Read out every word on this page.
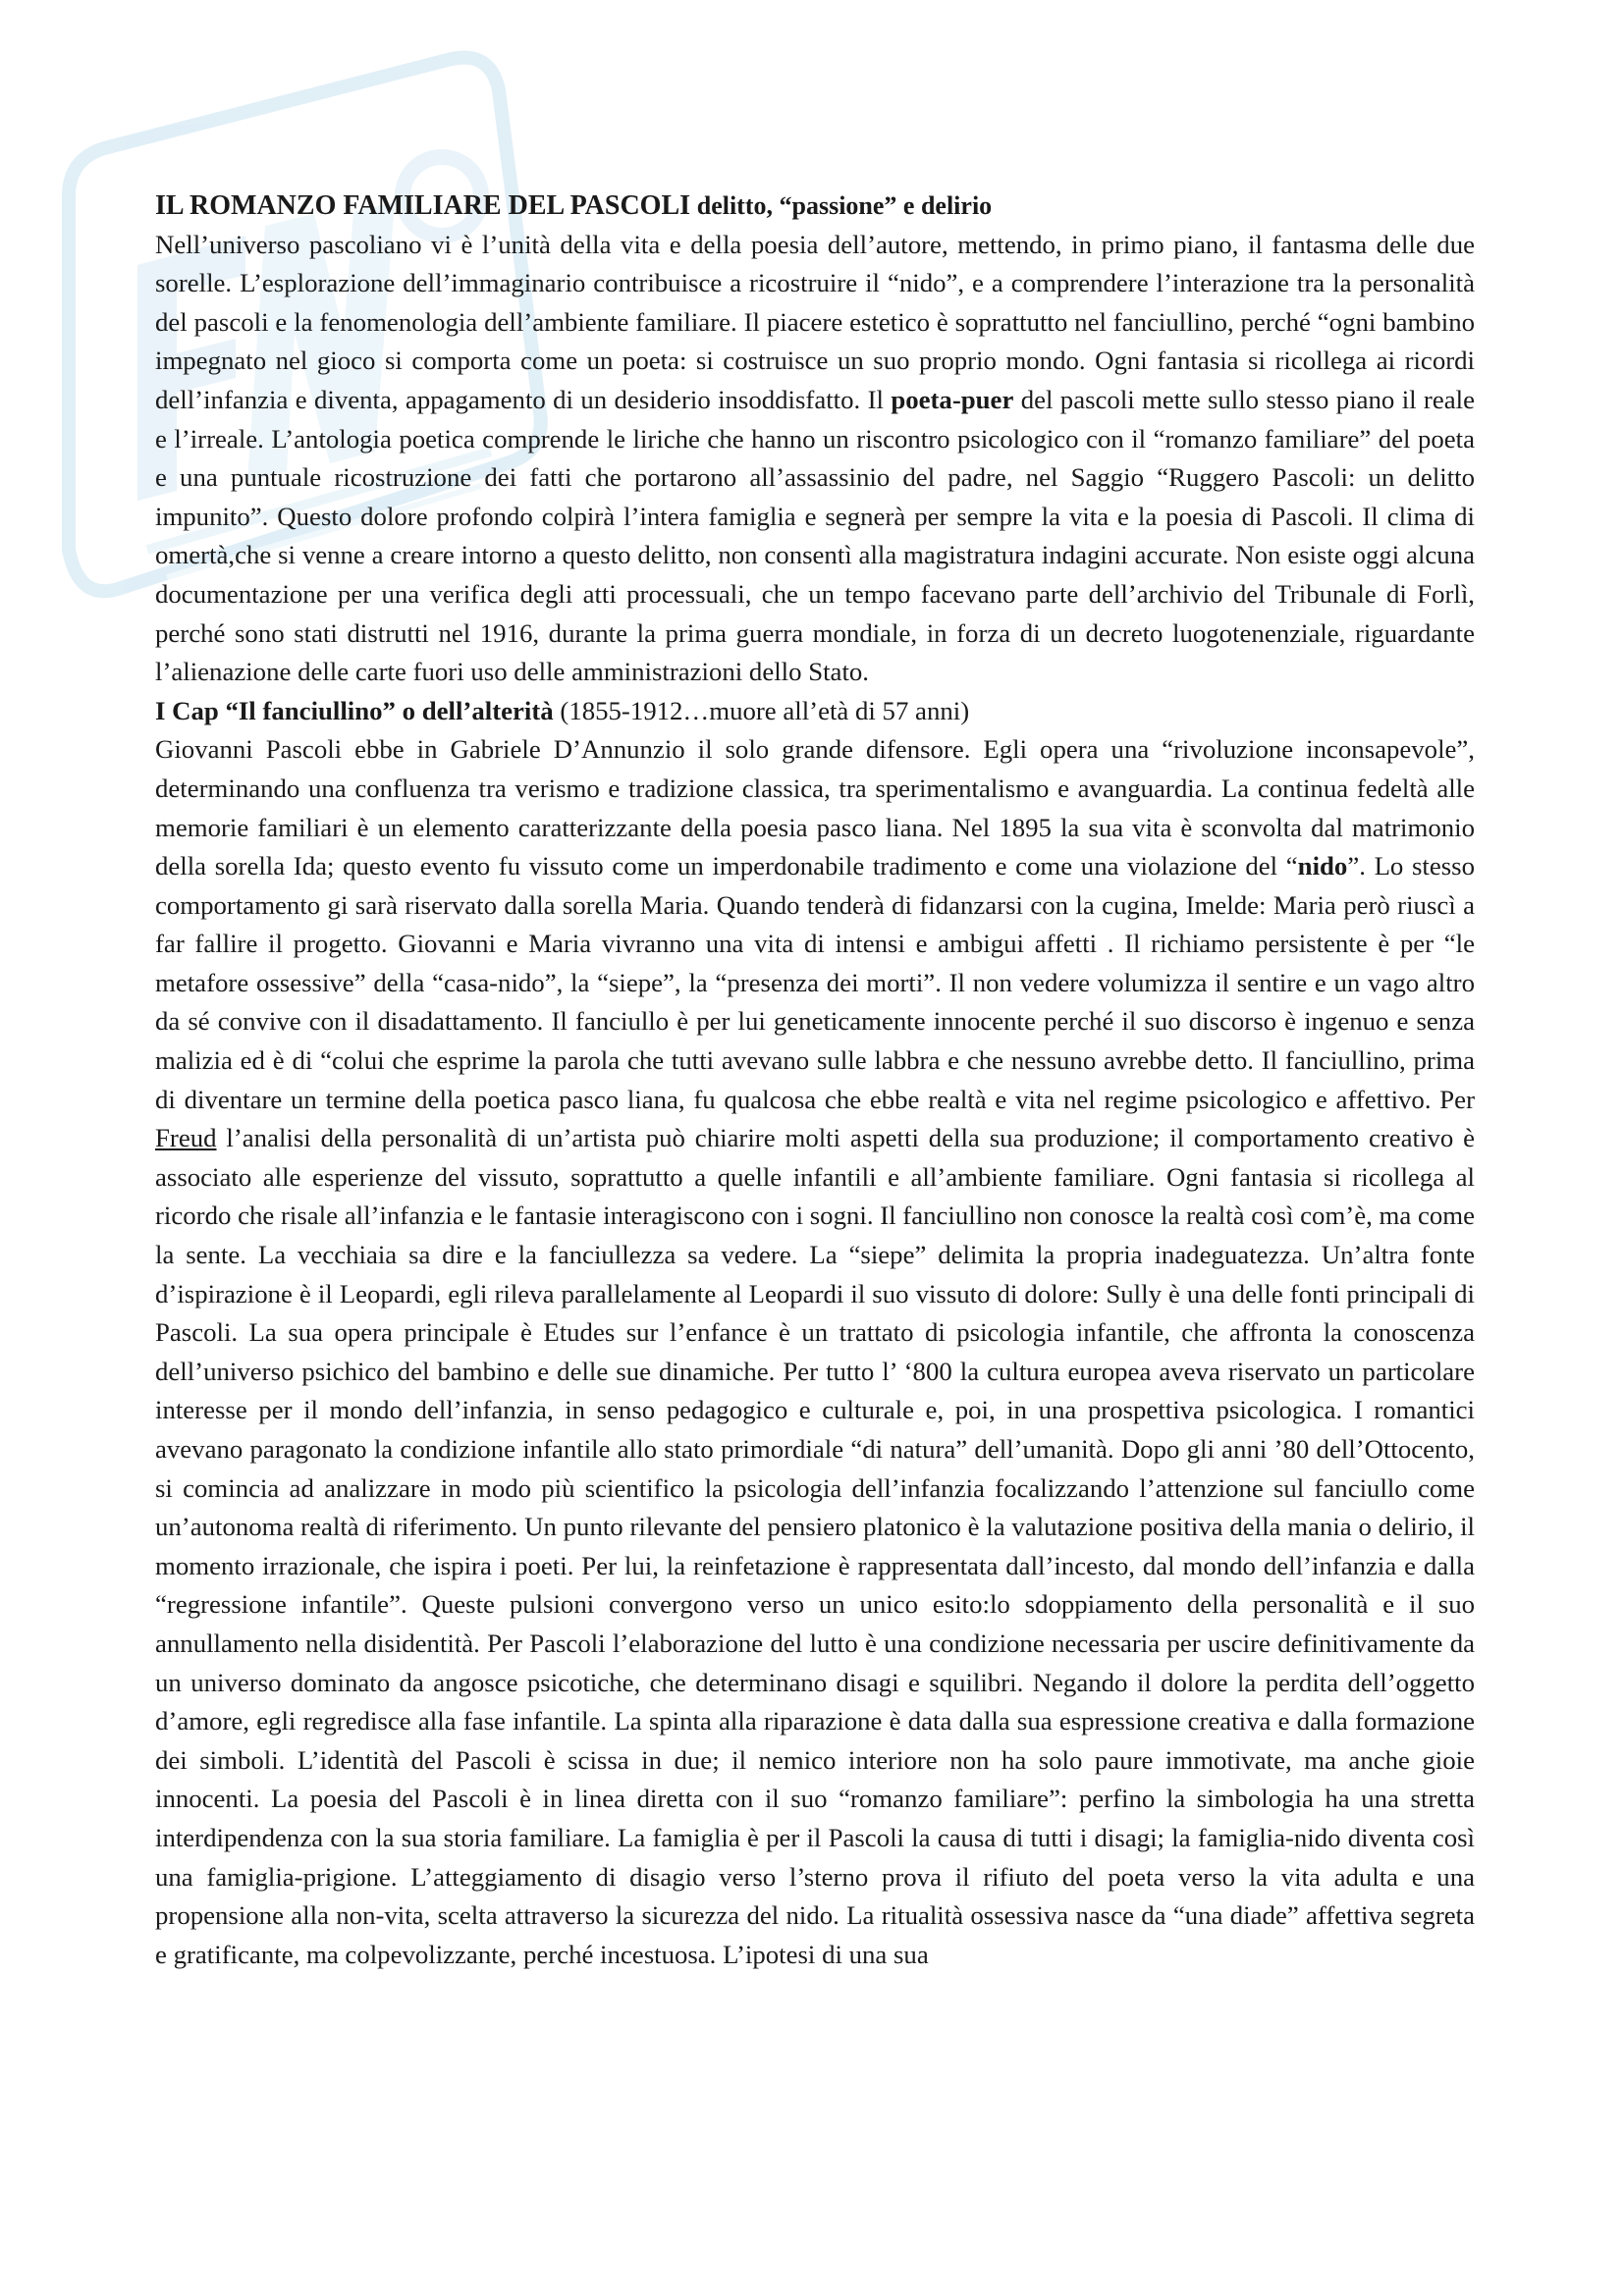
IL ROMANZO FAMILIARE DEL PASCOLI delitto, “passione” e delirio

Nell’universo pascoliano vi è l’unità della vita e della poesia dell’autore, mettendo, in primo piano, il fantasma delle due sorelle. L’esplorazione dell’immaginario contribuisce a ricostruire il “nido”, e a comprendere l’interazione tra la personalità del pascoli e la fenomenologia dell’ambiente familiare. Il piacere estetico è soprattutto nel fanciullino, perché “ogni bambino impegnato nel gioco si comporta come un poeta: si costruisce un suo proprio mondo. Ogni fantasia si ricollega ai ricordi dell’infanzia e diventa, appagamento di un desiderio insoddisfatto. Il poeta-puer del pascoli mette sullo stesso piano il reale e l’irreale. L’antologia poetica comprende le liriche che hanno un riscontro psicologico con il “romanzo familiare” del poeta e una puntuale ricostruzione dei fatti che portarono all’assassinio del padre, nel Saggio “Ruggero Pascoli: un delitto impunito”. Questo dolore profondo colpirà l’intera famiglia e segnerà per sempre la vita e la poesia di Pascoli. Il clima di omertà,che si venne a creare intorno a questo delitto, non consentì alla magistratura indagini accurate. Non esiste oggi alcuna documentazione per una verifica degli atti processuali, che un tempo facevano parte dell’archivio del Tribunale di Forlì, perché sono stati distrutti nel 1916, durante la prima guerra mondiale, in forza di un decreto luogotenenziale, riguardante l’alienazione delle carte fuori uso delle amministrazioni dello Stato.

I Cap “Il fanciullino” o dell’alterità (1855-1912…muore all’età di 57 anni)

Giovanni Pascoli ebbe in Gabriele D’Annunzio il solo grande difensore. Egli opera una “rivoluzione inconsapevole”, determinando una confluenza tra verismo e tradizione classica, tra sperimentalismo e avanguardia. La continua fedeltà alle memorie familiari è un elemento caratterizzante della poesia pasco liana. Nel 1895 la sua vita è sconvolta dal matrimonio della sorella Ida; questo evento fu vissuto come un imperdonabile tradimento e come una violazione del “nido”. Lo stesso comportamento gi sarà riservato dalla sorella Maria. Quando tenderà di fidanzarsi con la cugina, Imelde: Maria però riuscì a far fallire il progetto. Giovanni e Maria vivranno una vita di intensi e ambigui affetti . Il richiamo persistente è per “le metafore ossessive” della “casa-nido”, la “siepe”, la “presenza dei morti”. Il non vedere volumizza il sentire e un vago altro da sé convive con il disadattamento. Il fanciullo è per lui geneticamente innocente perché il suo discorso è ingenuo e senza malizia ed è di “colui che esprime la parola che tutti avevano sulle labbra e che nessuno avrebbe detto. Il fanciullino, prima di diventare un termine della poetica pasco liana, fu qualcosa che ebbe realtà e vita nel regime psicologico e affettivo. Per Freud l’analisi della personalità di un’artista può chiarire molti aspetti della sua produzione; il comportamento creativo è associato alle esperienze del vissuto, soprattutto a quelle infantili e all’ambiente familiare. Ogni fantasia si ricollega al ricordo che risale all’infanzia e le fantasie interagiscono con i sogni. Il fanciullino non conosce la realtà così com’è, ma come la sente. La vecchiaia sa dire e la fanciullezza sa vedere. La “siepe” delimita la propria inadeguatezza. Un’altra fonte d’ispirazione è il Leopardi, egli rileva parallelamente al Leopardi il suo vissuto di dolore: Sully è una delle fonti principali di Pascoli. La sua opera principale è Etudes sur l’enfance è un trattato di psicologia infantile, che affronta la conoscenza dell’universo psichico del bambino e delle sue dinamiche. Per tutto l’ ‘800 la cultura europea aveva riservato un particolare interesse per il mondo dell’infanzia, in senso pedagogico e culturale e, poi, in una prospettiva psicologica. I romantici avevano paragonato la condizione infantile allo stato primordiale “di natura” dell’umanità. Dopo gli anni ’80 dell’Ottocento, si comincia ad analizzare in modo più scientifico la psicologia dell’infanzia focalizzando l’attenzione sul fanciullo come un’autonoma realtà di riferimento. Un punto rilevante del pensiero platonico è la valutazione positiva della mania o delirio, il momento irrazionale, che ispira i poeti. Per lui, la reinfetazione è rappresentata dall’incesto, dal mondo dell’infanzia e dalla “regressione infantile”. Queste pulsioni convergono verso un unico esito:lo sdoppiamento della personalità e il suo annullamento nella disidentità. Per Pascoli l’elaborazione del lutto è una condizione necessaria per uscire definitivamente da un universo dominato da angosce psicotiche, che determinano disagi e squilibri. Negando il dolore la perdita dell’oggetto d’amore, egli regredisce alla fase infantile. La spinta alla riparazione è data dalla sua espressione creativa e dalla formazione dei simboli. L’identità del Pascoli è scissa in due; il nemico interiore non ha solo paure immotivate, ma anche gioie innocenti. La poesia del Pascoli è in linea diretta con il suo “romanzo familiare”: perfino la simbologia ha una stretta interdipendenza con la sua storia familiare. La famiglia è per il Pascoli la causa di tutti i disagi; la famiglia-nido diventa così una famiglia-prigione. L’atteggiamento di disagio verso l’sterno prova il rifiuto del poeta verso la vita adulta e una propensione alla non-vita, scelta attraverso la sicurezza del nido. La ritualità ossessiva nasce da “una diade” affettiva segreta e gratificante, ma colpevolizzante, perché incestuosa. L’ipotesi di una sua
